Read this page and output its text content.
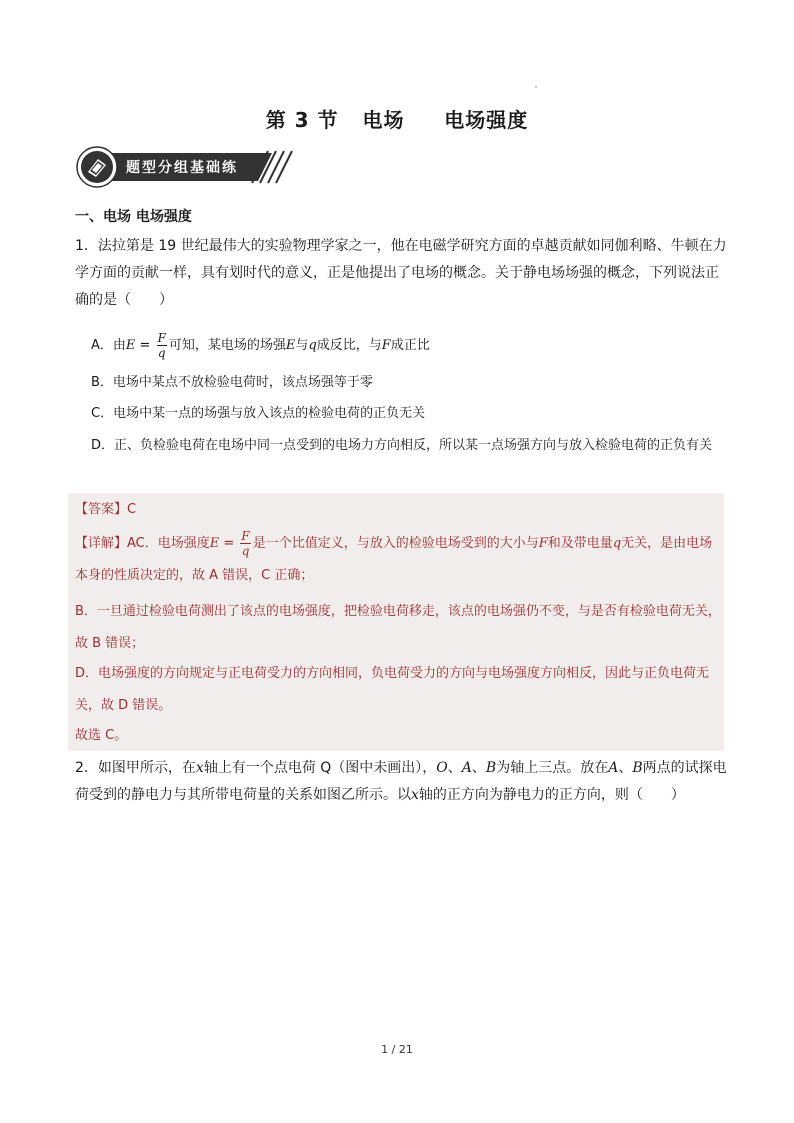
第 3 节 电场 电场强度
题型分组基础练
一、电场 电场强度
1．法拉第是 19 世纪最伟大的实验物理学家之一，他在电磁学研究方面的卓越贡献如同伽利略、牛顿在力学方面的贡献一样，具有划时代的意义，正是他提出了电场的概念。关于静电场场强的概念，下列说法正确的是（　　）
A．由$E = \frac{F}{q}$ 可知，某电场的场强E与q成反比，与F成正比
B．电场中某点不放检验电荷时，该点场强等于零
C．电场中某一点的场强与放入该点的检验电荷的正负无关
D．正、负检验电荷在电场中同一点受到的电场力方向相反，所以某一点场强方向与放入检验电荷的正负有关
【答案】C
【详解】AC．电场强度$E = \frac{F}{q}$ 是一个比值定义，与放入的检验电场受到的大小与F和及带电量q无关，是由电场本身的性质决定的，故 A 错误，C 正确；
B．一旦通过检验电荷测出了该点的电场强度，把检验电荷移走，该点的电场强仍不变，与是否有检验电荷无关，故 B 错误；
D．电场强度的方向规定与正电荷受力的方向相同，负电荷受力的方向与电场强度方向相反，因此与正负电荷无关，故 D 错误。
故选 C。
2．如图甲所示，在x轴上有一个点电荷 Q（图中未画出），O、A、B为轴上三点。放在A、B两点的试探电荷受到的静电力与其所带电荷量的关系如图乙所示。以x轴的正方向为静电力的正方向，则（　　）
1 / 21
